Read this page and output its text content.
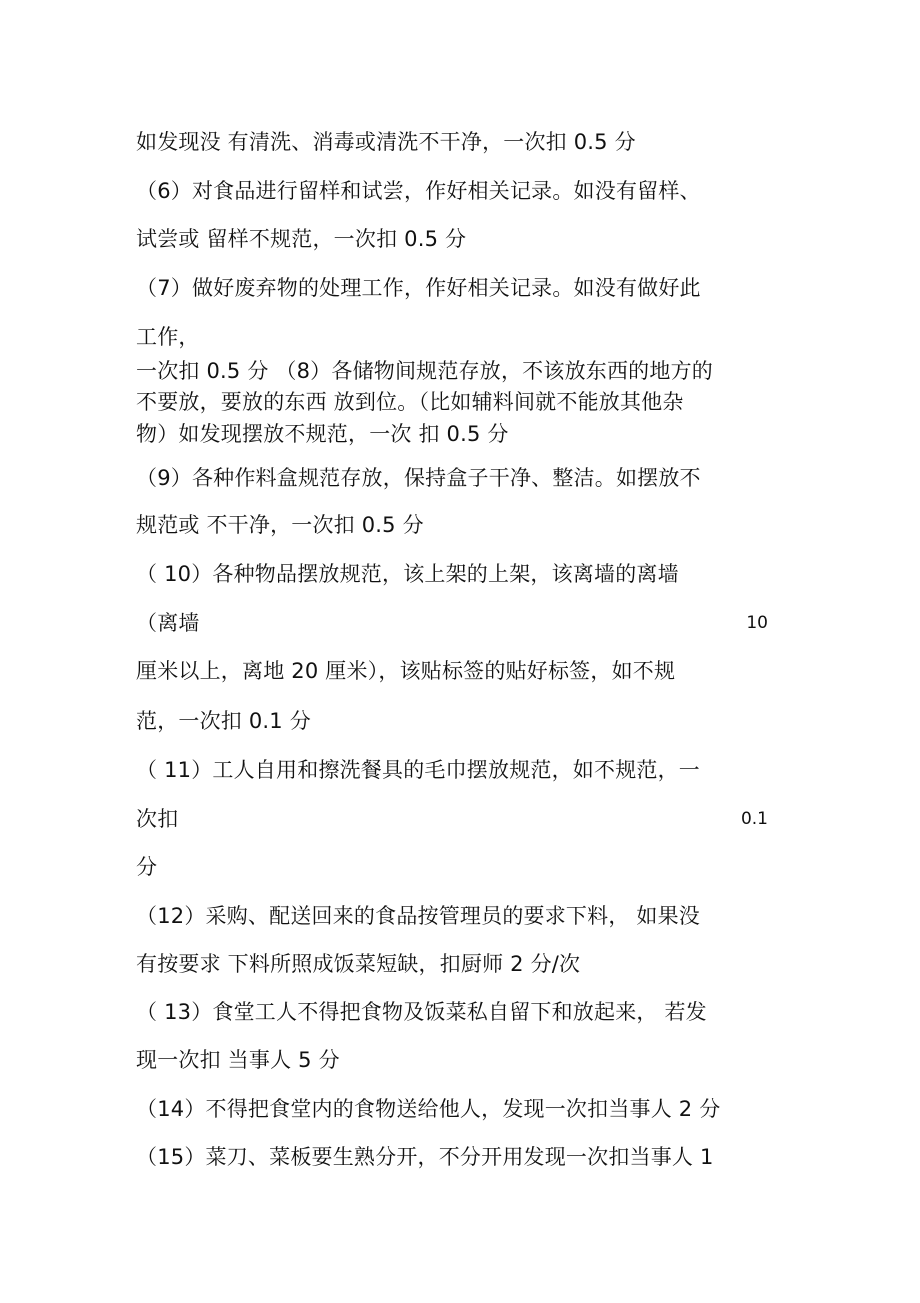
如发现没 有清洗、消毒或清洗不干净，一次扣 0.5 分
（6）对食品进行留样和试尝，作好相关记录。如没有留样、
试尝或 留样不规范，一次扣 0.5 分
（7）做好废弃物的处理工作，作好相关记录。如没有做好此
工作，
一次扣 0.5 分 （8）各储物间规范存放，不该放东西的地方的
不要放，要放的东西 放到位。（比如辅料间就不能放其他杂
物）如发现摆放不规范，一次 扣 0.5 分
（9）各种作料盒规范存放，保持盒子干净、整洁。如摆放不
规范或 不干净，一次扣 0.5 分
（ 10）各种物品摆放规范，该上架的上架，该离墙的离墙
（离墙	10
厘米以上，离地 20 厘米），该贴标签的贴好标签，如不规
范，一次扣 0.1 分
（ 11）工人自用和擦洗餐具的毛巾摆放规范，如不规范，一
次扣	0.1
分
（12）采购、配送回来的食品按管理员的要求下料， 如果没
有按要求 下料所照成饭菜短缺，扣厨师 2 分/次
（ 13）食堂工人不得把食物及饭菜私自留下和放起来， 若发
现一次扣 当事人 5 分
（14）不得把食堂内的食物送给他人，发现一次扣当事人 2 分
（15）菜刀、菜板要生熟分开，不分开用发现一次扣当事人 1
